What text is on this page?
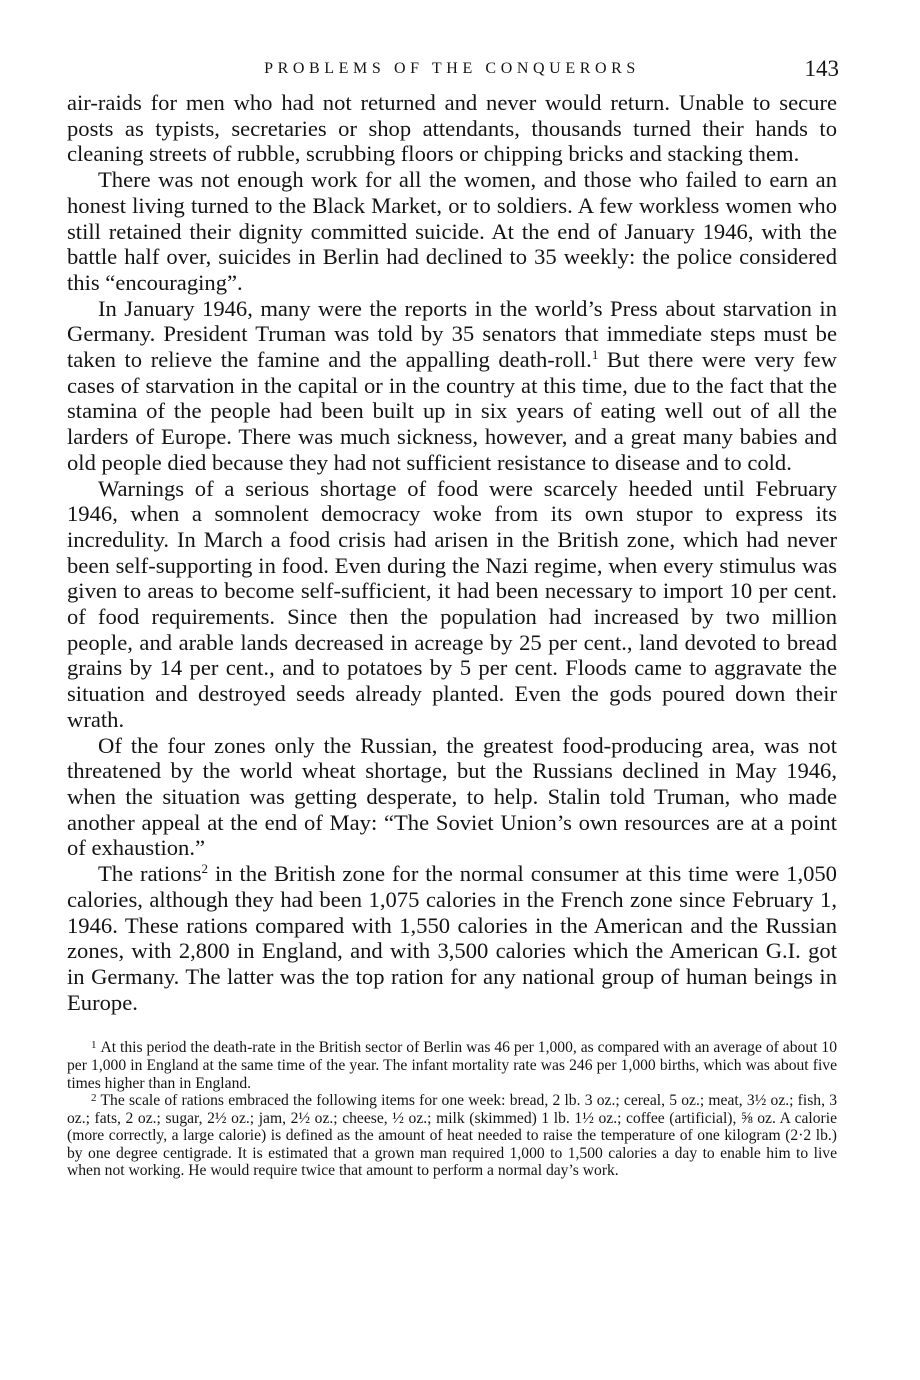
PROBLEMS OF THE CONQUERORS	143

air-raids for men who had not returned and never would return. Unable to secure posts as typists, secretaries or shop attendants, thousands turned their hands to cleaning streets of rubble, scrubbing floors or chipping bricks and stacking them.

There was not enough work for all the women, and those who failed to earn an honest living turned to the Black Market, or to soldiers. A few workless women who still retained their dignity committed suicide. At the end of January 1946, with the battle half over, suicides in Berlin had declined to 35 weekly: the police considered this “encouraging”.

In January 1946, many were the reports in the world’s Press about starvation in Germany. President Truman was told by 35 senators that immediate steps must be taken to relieve the famine and the appalling death-roll.$^1$ But there were very few cases of starvation in the capital or in the country at this time, due to the fact that the stamina of the people had been built up in six years of eating well out of all the larders of Europe. There was much sickness, however, and a great many babies and old people died because they had not sufficient resistance to disease and to cold.

Warnings of a serious shortage of food were scarcely heeded until February 1946, when a somnolent democracy woke from its own stupor to express its incredulity. In March a food crisis had arisen in the British zone, which had never been self-supporting in food. Even during the Nazi regime, when every stimulus was given to areas to become self-sufficient, it had been necessary to import 10 per cent. of food requirements. Since then the population had increased by two million people, and arable lands decreased in acreage by 25 per cent., land devoted to bread grains by 14 per cent., and to potatoes by 5 per cent. Floods came to aggravate the situation and destroyed seeds already planted. Even the gods poured down their wrath.

Of the four zones only the Russian, the greatest food-producing area, was not threatened by the world wheat shortage, but the Russians declined in May 1946, when the situation was getting desperate, to help. Stalin told Truman, who made another appeal at the end of May: “The Soviet Union’s own resources are at a point of exhaustion.”

The rations$^2$ in the British zone for the normal consumer at this time were 1,050 calories, although they had been 1,075 calories in the French zone since February 1, 1946. These rations compared with 1,550 calories in the American and the Russian zones, with 2,800 in England, and with 3,500 calories which the American G.I. got in Germany. The latter was the top ration for any national group of human beings in Europe.

$^1$ At this period the death-rate in the British sector of Berlin was 46 per 1,000, as compared with an average of about 10 per 1,000 in England at the same time of the year. The infant mortality rate was 246 per 1,000 births, which was about five times higher than in England.

$^2$ The scale of rations embraced the following items for one week: bread, 2 lb. 3 oz.; cereal, 5 oz.; meat, 3½ oz.; fish, 3 oz.; fats, 2 oz.; sugar, 2½ oz.; jam, 2½ oz.; cheese, ½ oz.; milk (skimmed) 1 lb. 1½ oz.; coffee (artificial), ⅝ oz. A calorie (more correctly, a large calorie) is defined as the amount of heat needed to raise the temperature of one kilogram (2·2 lb.) by one degree centigrade. It is estimated that a grown man required 1,000 to 1,500 calories a day to enable him to live when not working. He would require twice that amount to perform a normal day’s work.
